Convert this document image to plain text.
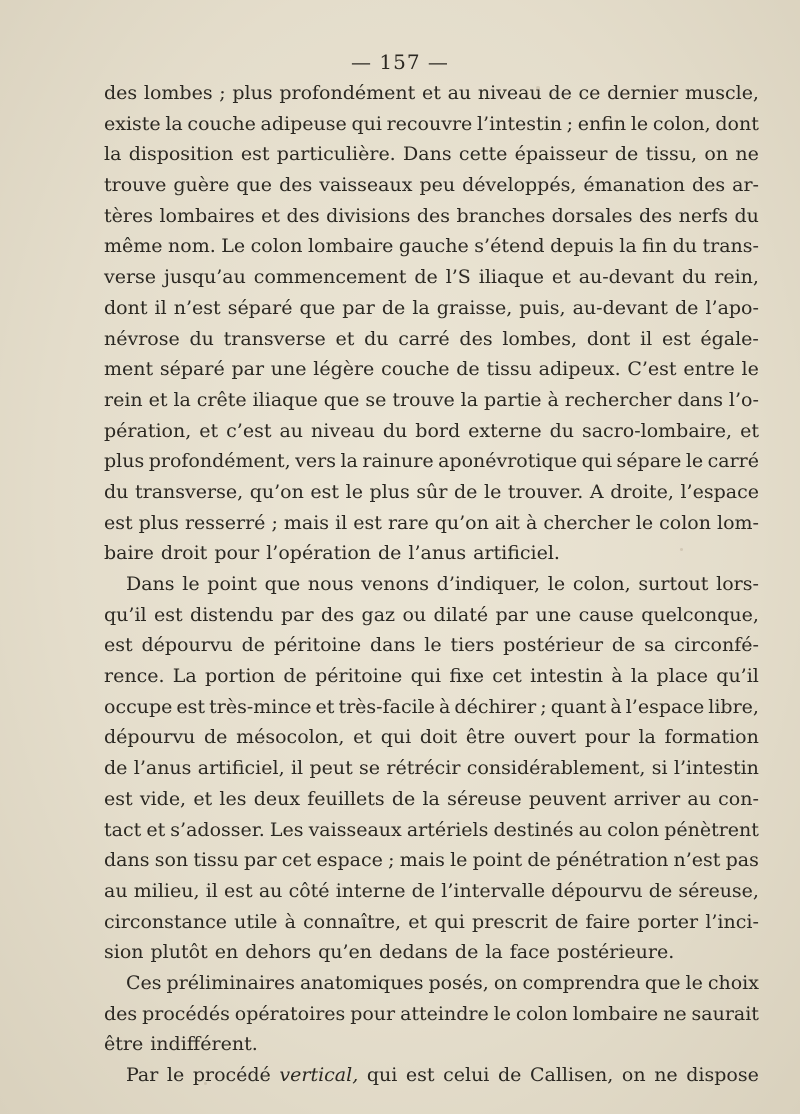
— 157 —
des lombes ; plus profondément et au niveau de ce dernier muscle,
existe la couche adipeuse qui recouvre l’intestin ; enfin le colon, dont
la disposition est particulière. Dans cette épaisseur de tissu, on ne
trouve guère que des vaisseaux peu développés, émanation des ar-
tères lombaires et des divisions des branches dorsales des nerfs du
même nom. Le colon lombaire gauche s’étend depuis la fin du trans-
verse jusqu’au commencement de l’S iliaque et au-devant du rein,
dont il n’est séparé que par de la graisse, puis, au-devant de l’apo-
névrose du transverse et du carré des lombes, dont il est égale-
ment séparé par une légère couche de tissu adipeux. C’est entre le
rein et la crête iliaque que se trouve la partie à rechercher dans l’o-
pération, et c’est au niveau du bord externe du sacro-lombaire, et
plus profondément, vers la rainure aponévrotique qui sépare le carré
du transverse, qu’on est le plus sûr de le trouver. A droite, l’espace
est plus resserré ; mais il est rare qu’on ait à chercher le colon lom-
baire droit pour l’opération de l’anus artificiel.
Dans le point que nous venons d’indiquer, le colon, surtout lors-
qu’il est distendu par des gaz ou dilaté par une cause quelconque,
est dépourvu de péritoine dans le tiers postérieur de sa circonfé-
rence. La portion de péritoine qui fixe cet intestin à la place qu’il
occupe est très-mince et très-facile à déchirer ; quant à l’espace libre,
dépourvu de mésocolon, et qui doit être ouvert pour la formation
de l’anus artificiel, il peut se rétrécir considérablement, si l’intestin
est vide, et les deux feuillets de la séreuse peuvent arriver au con-
tact et s’adosser. Les vaisseaux artériels destinés au colon pénètrent
dans son tissu par cet espace ; mais le point de pénétration n’est pas
au milieu, il est au côté interne de l’intervalle dépourvu de séreuse,
circonstance utile à connaître, et qui prescrit de faire porter l’inci-
sion plutôt en dehors qu’en dedans de la face postérieure.
Ces préliminaires anatomiques posés, on comprendra que le choix
des procédés opératoires pour atteindre le colon lombaire ne saurait
être indifférent.
Par le procédé vertical, qui est celui de Callisen, on ne dispose
